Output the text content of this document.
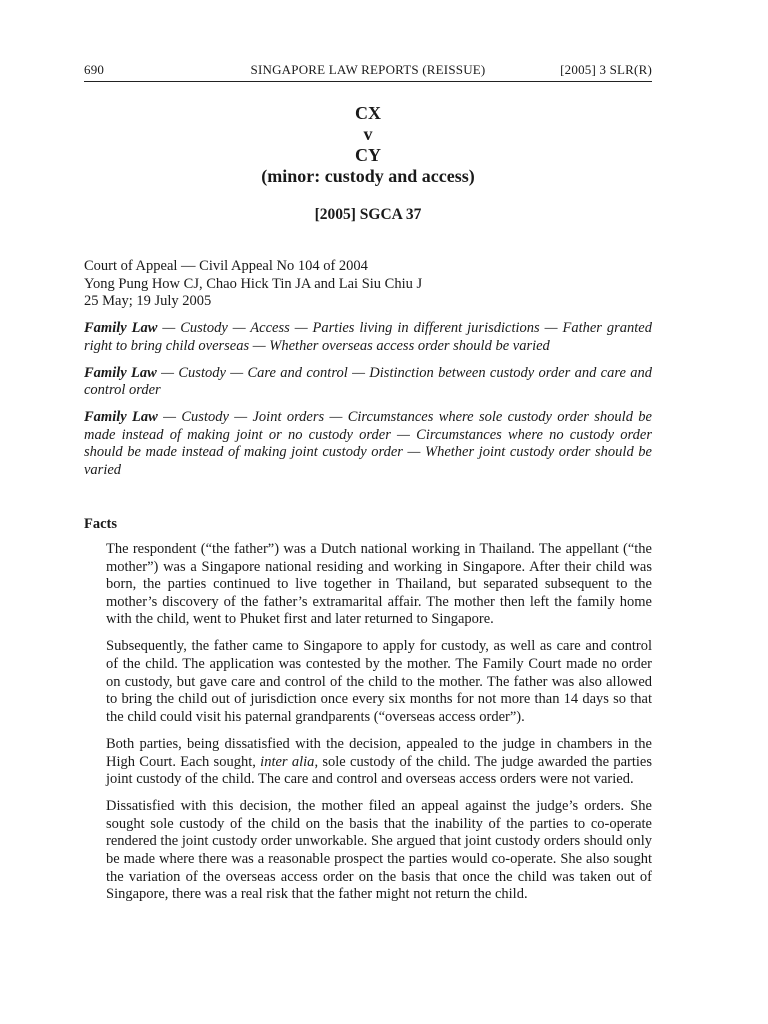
690	SINGAPORE LAW REPORTS (REISSUE)	[2005] 3 SLR(R)
CX
v
CY
(minor: custody and access)
[2005] SGCA 37
Court of Appeal — Civil Appeal No 104 of 2004
Yong Pung How CJ, Chao Hick Tin JA and Lai Siu Chiu J
25 May; 19 July 2005

Family Law — Custody — Access — Parties living in different jurisdictions — Father granted right to bring child overseas — Whether overseas access order should be varied

Family Law — Custody — Care and control — Distinction between custody order and care and control order

Family Law — Custody — Joint orders — Circumstances where sole custody order should be made instead of making joint or no custody order — Circumstances where no custody order should be made instead of making joint custody order — Whether joint custody order should be varied

Facts

The respondent (“the father”) was a Dutch national working in Thailand. The appellant (“the mother”) was a Singapore national residing and working in Singapore. After their child was born, the parties continued to live together in Thailand, but separated subsequent to the mother’s discovery of the father’s extramarital affair. The mother then left the family home with the child, went to Phuket first and later returned to Singapore.

Subsequently, the father came to Singapore to apply for custody, as well as care and control of the child. The application was contested by the mother. The Family Court made no order on custody, but gave care and control of the child to the mother. The father was also allowed to bring the child out of jurisdiction once every six months for not more than 14 days so that the child could visit his paternal grandparents (“overseas access order”).

Both parties, being dissatisfied with the decision, appealed to the judge in chambers in the High Court. Each sought, inter alia, sole custody of the child. The judge awarded the parties joint custody of the child. The care and control and overseas access orders were not varied.

Dissatisfied with this decision, the mother filed an appeal against the judge’s orders. She sought sole custody of the child on the basis that the inability of the parties to co-operate rendered the joint custody order unworkable. She argued that joint custody orders should only be made where there was a reasonable prospect the parties would co-operate. She also sought the variation of the overseas access order on the basis that once the child was taken out of Singapore, there was a real risk that the father might not return the child.
